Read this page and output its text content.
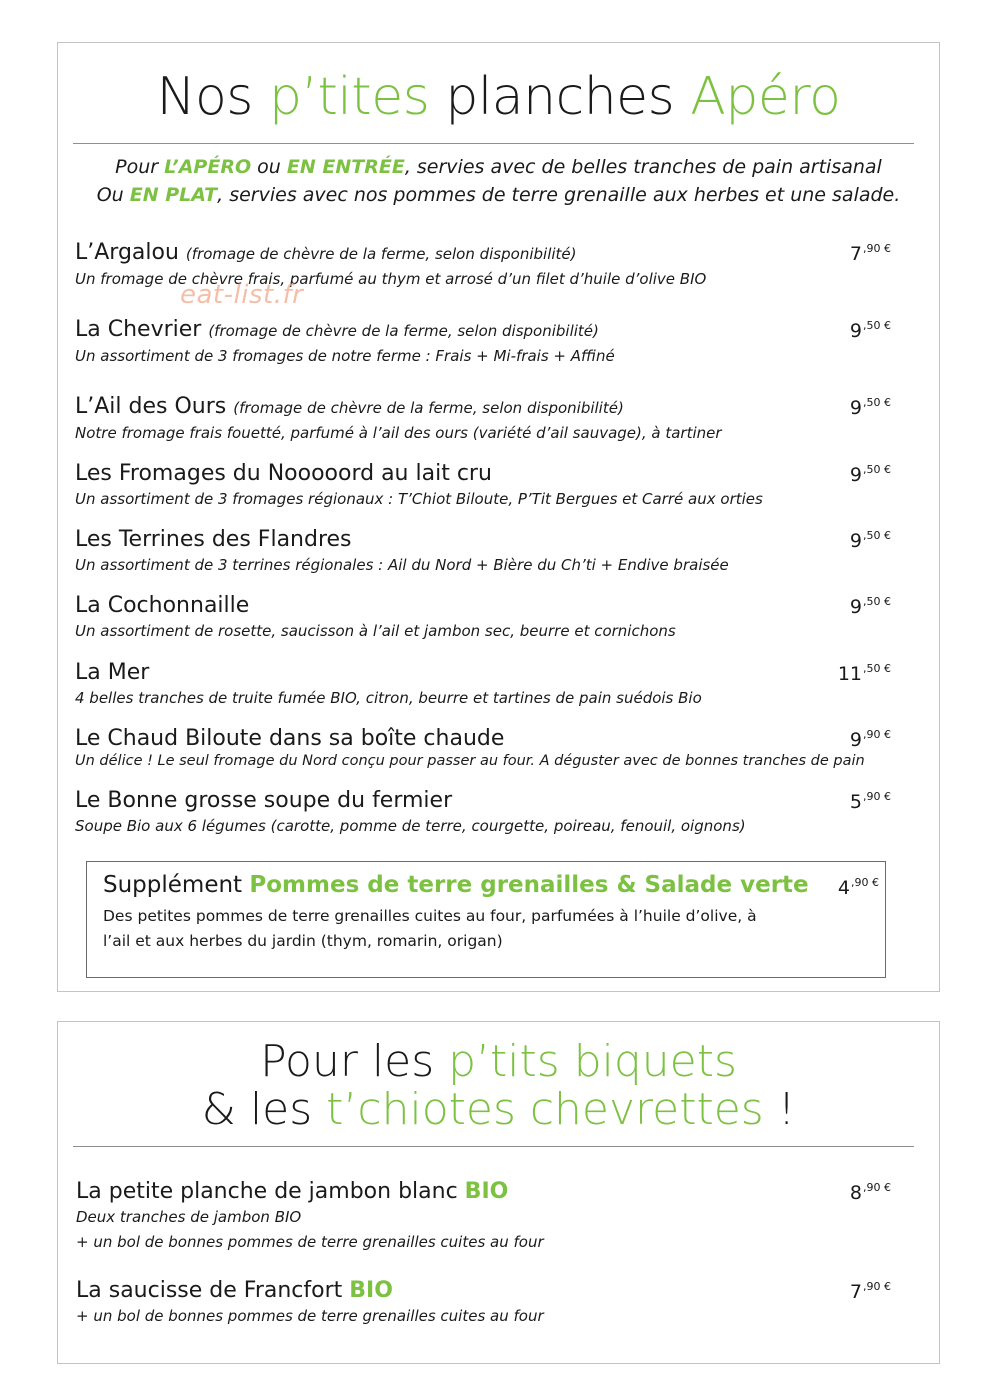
Nos p’tites planches Apéro
Pour L’APÉRO ou EN ENTRÉE, servies avec de belles tranches de pain artisanal
Ou EN PLAT, servies avec nos pommes de terre grenaille aux herbes et une salade.
L’Argalou (fromage de chèvre de la ferme, selon disponibilité)
Un fromage de chèvre frais, parfumé au thym et arrosé d’un filet d’huile d’olive BIO
$7^{,90 €}$
eat-list.fr
La Chevrier (fromage de chèvre de la ferme, selon disponibilité)
Un assortiment de 3 fromages de notre ferme : Frais + Mi-frais + Affiné
$9^{,50 €}$
L’Ail des Ours (fromage de chèvre de la ferme, selon disponibilité)
Notre fromage frais fouetté, parfumé à l’ail des ours (variété d’ail sauvage), à tartiner
$9^{,50 €}$
Les Fromages du Nooooord au lait cru
Un assortiment de 3 fromages régionaux : T’Chiot Biloute, P’Tit Bergues et Carré aux orties
$9^{,50 €}$
Les Terrines des Flandres
Un assortiment de 3 terrines régionales : Ail du Nord + Bière du Ch’ti + Endive braisée
$9^{,50 €}$
La Cochonnaille
Un assortiment de rosette, saucisson à l’ail et jambon sec, beurre et cornichons
$9^{,50 €}$
La Mer
4 belles tranches de truite fumée BIO, citron, beurre et tartines de pain suédois Bio
$11^{,50 €}$
Le Chaud Biloute dans sa boîte chaude
Un délice ! Le seul fromage du Nord conçu pour passer au four. A déguster avec de bonnes tranches de pain
$9^{,90 €}$
Le Bonne grosse soupe du fermier
Soupe Bio aux 6 légumes (carotte, pomme de terre, courgette, poireau, fenouil, oignons)
$5^{,90 €}$
Supplément Pommes de terre grenailles & Salade verte
Des petites pommes de terre grenailles cuites au four, parfumées à l’huile d’olive, à l’ail et aux herbes du jardin (thym, romarin, origan)
$4^{,90 €}$
Pour les p’tits biquets
& les t’chiotes chevrettes !
La petite planche de jambon blanc BIO
Deux tranches de jambon BIO
+ un bol de bonnes pommes de terre grenailles cuites au four
$8^{,90 €}$
La saucisse de Francfort BIO
+ un bol de bonnes pommes de terre grenailles cuites au four
$7^{,90 €}$
